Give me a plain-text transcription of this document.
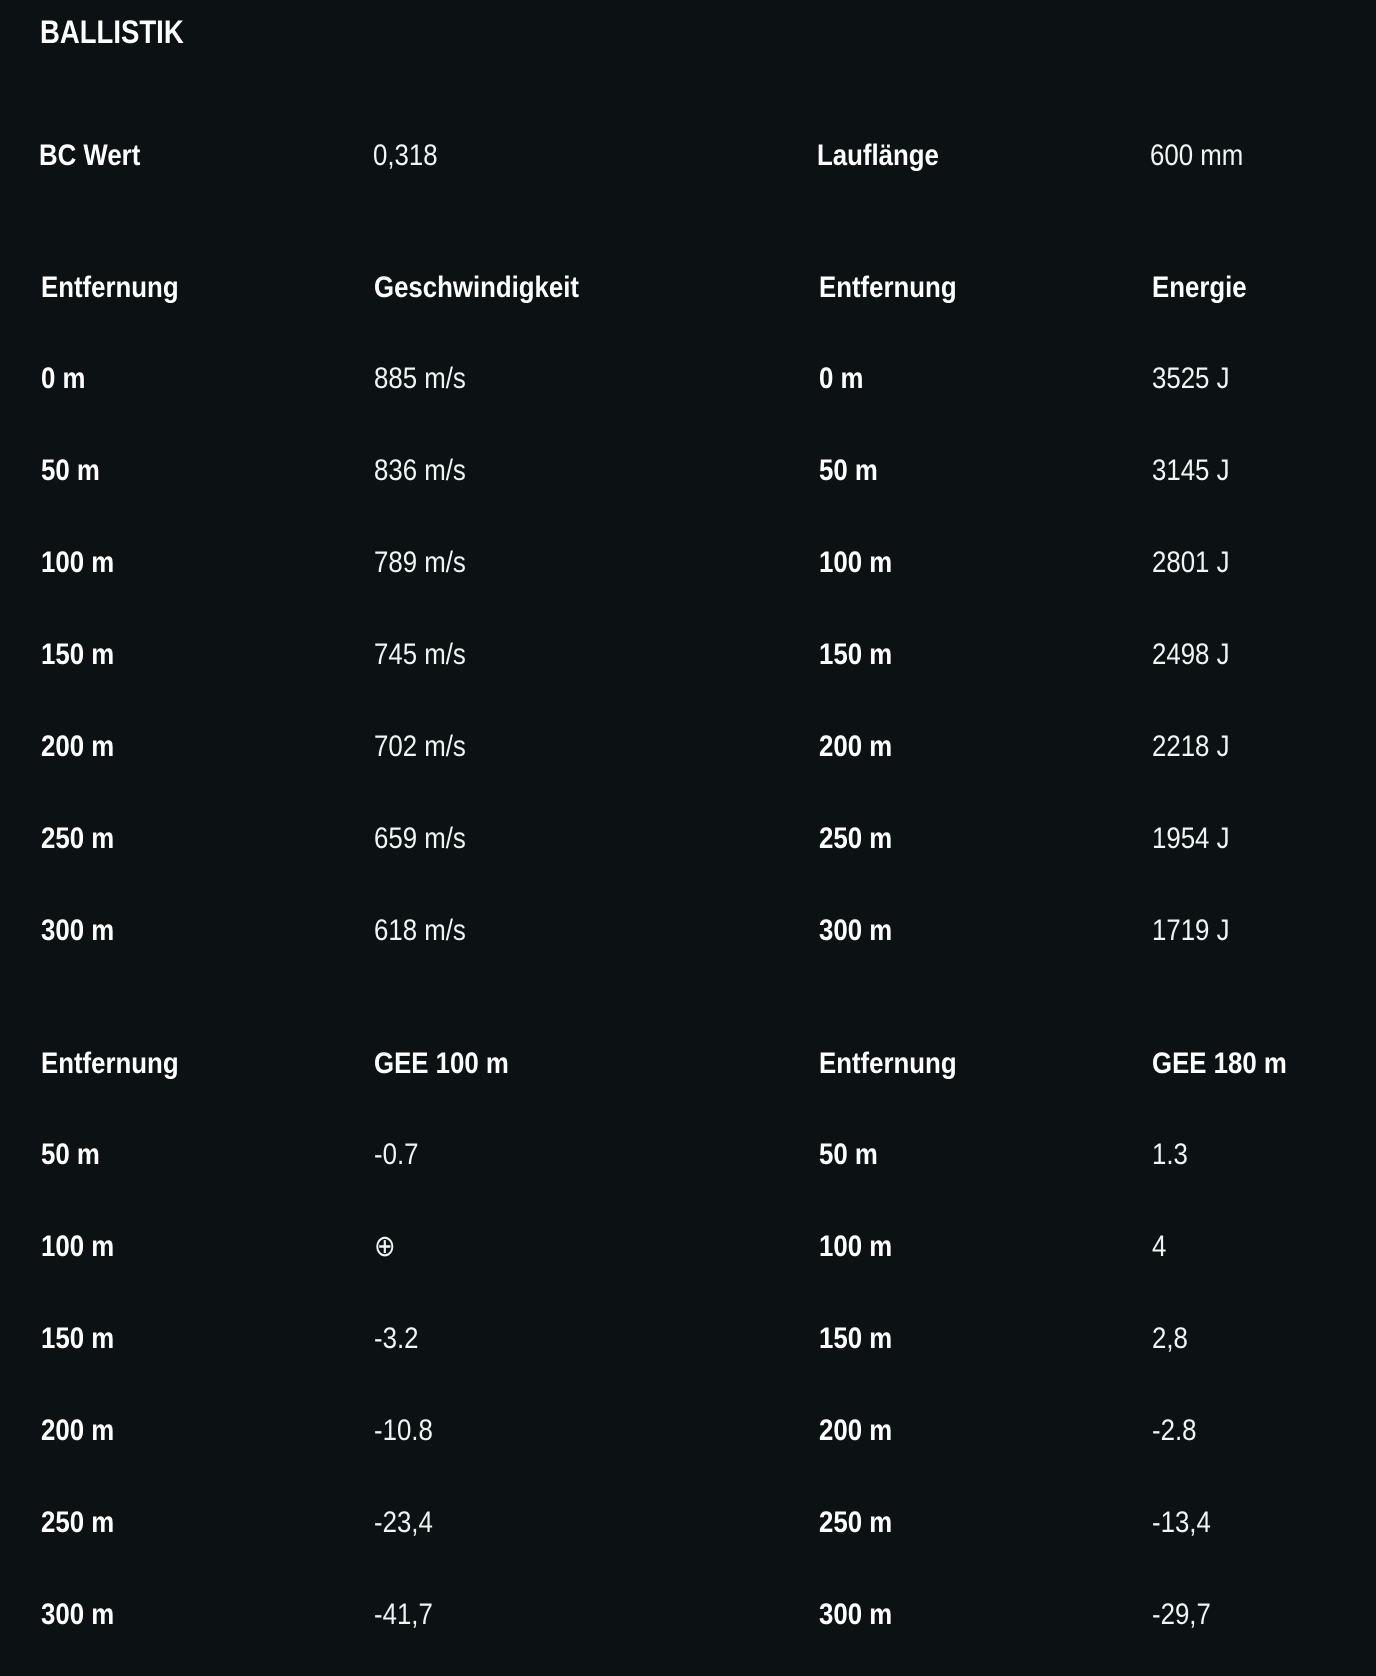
BALLISTIK
BC Wert	0,318	Lauflänge	600 mm
Entfernung	Geschwindigkeit	Entfernung	Energie
0 m	885 m/s	0 m	3525 J
50 m	836 m/s	50 m	3145 J
100 m	789 m/s	100 m	2801 J
150 m	745 m/s	150 m	2498 J
200 m	702 m/s	200 m	2218 J
250 m	659 m/s	250 m	1954 J
300 m	618 m/s	300 m	1719 J
Entfernung	GEE 100 m	Entfernung	GEE 180 m
50 m	-0.7	50 m	1.3
100 m	⊕	100 m	4
150 m	-3.2	150 m	2,8
200 m	-10.8	200 m	-2.8
250 m	-23,4	250 m	-13,4
300 m	-41,7	300 m	-29,7
